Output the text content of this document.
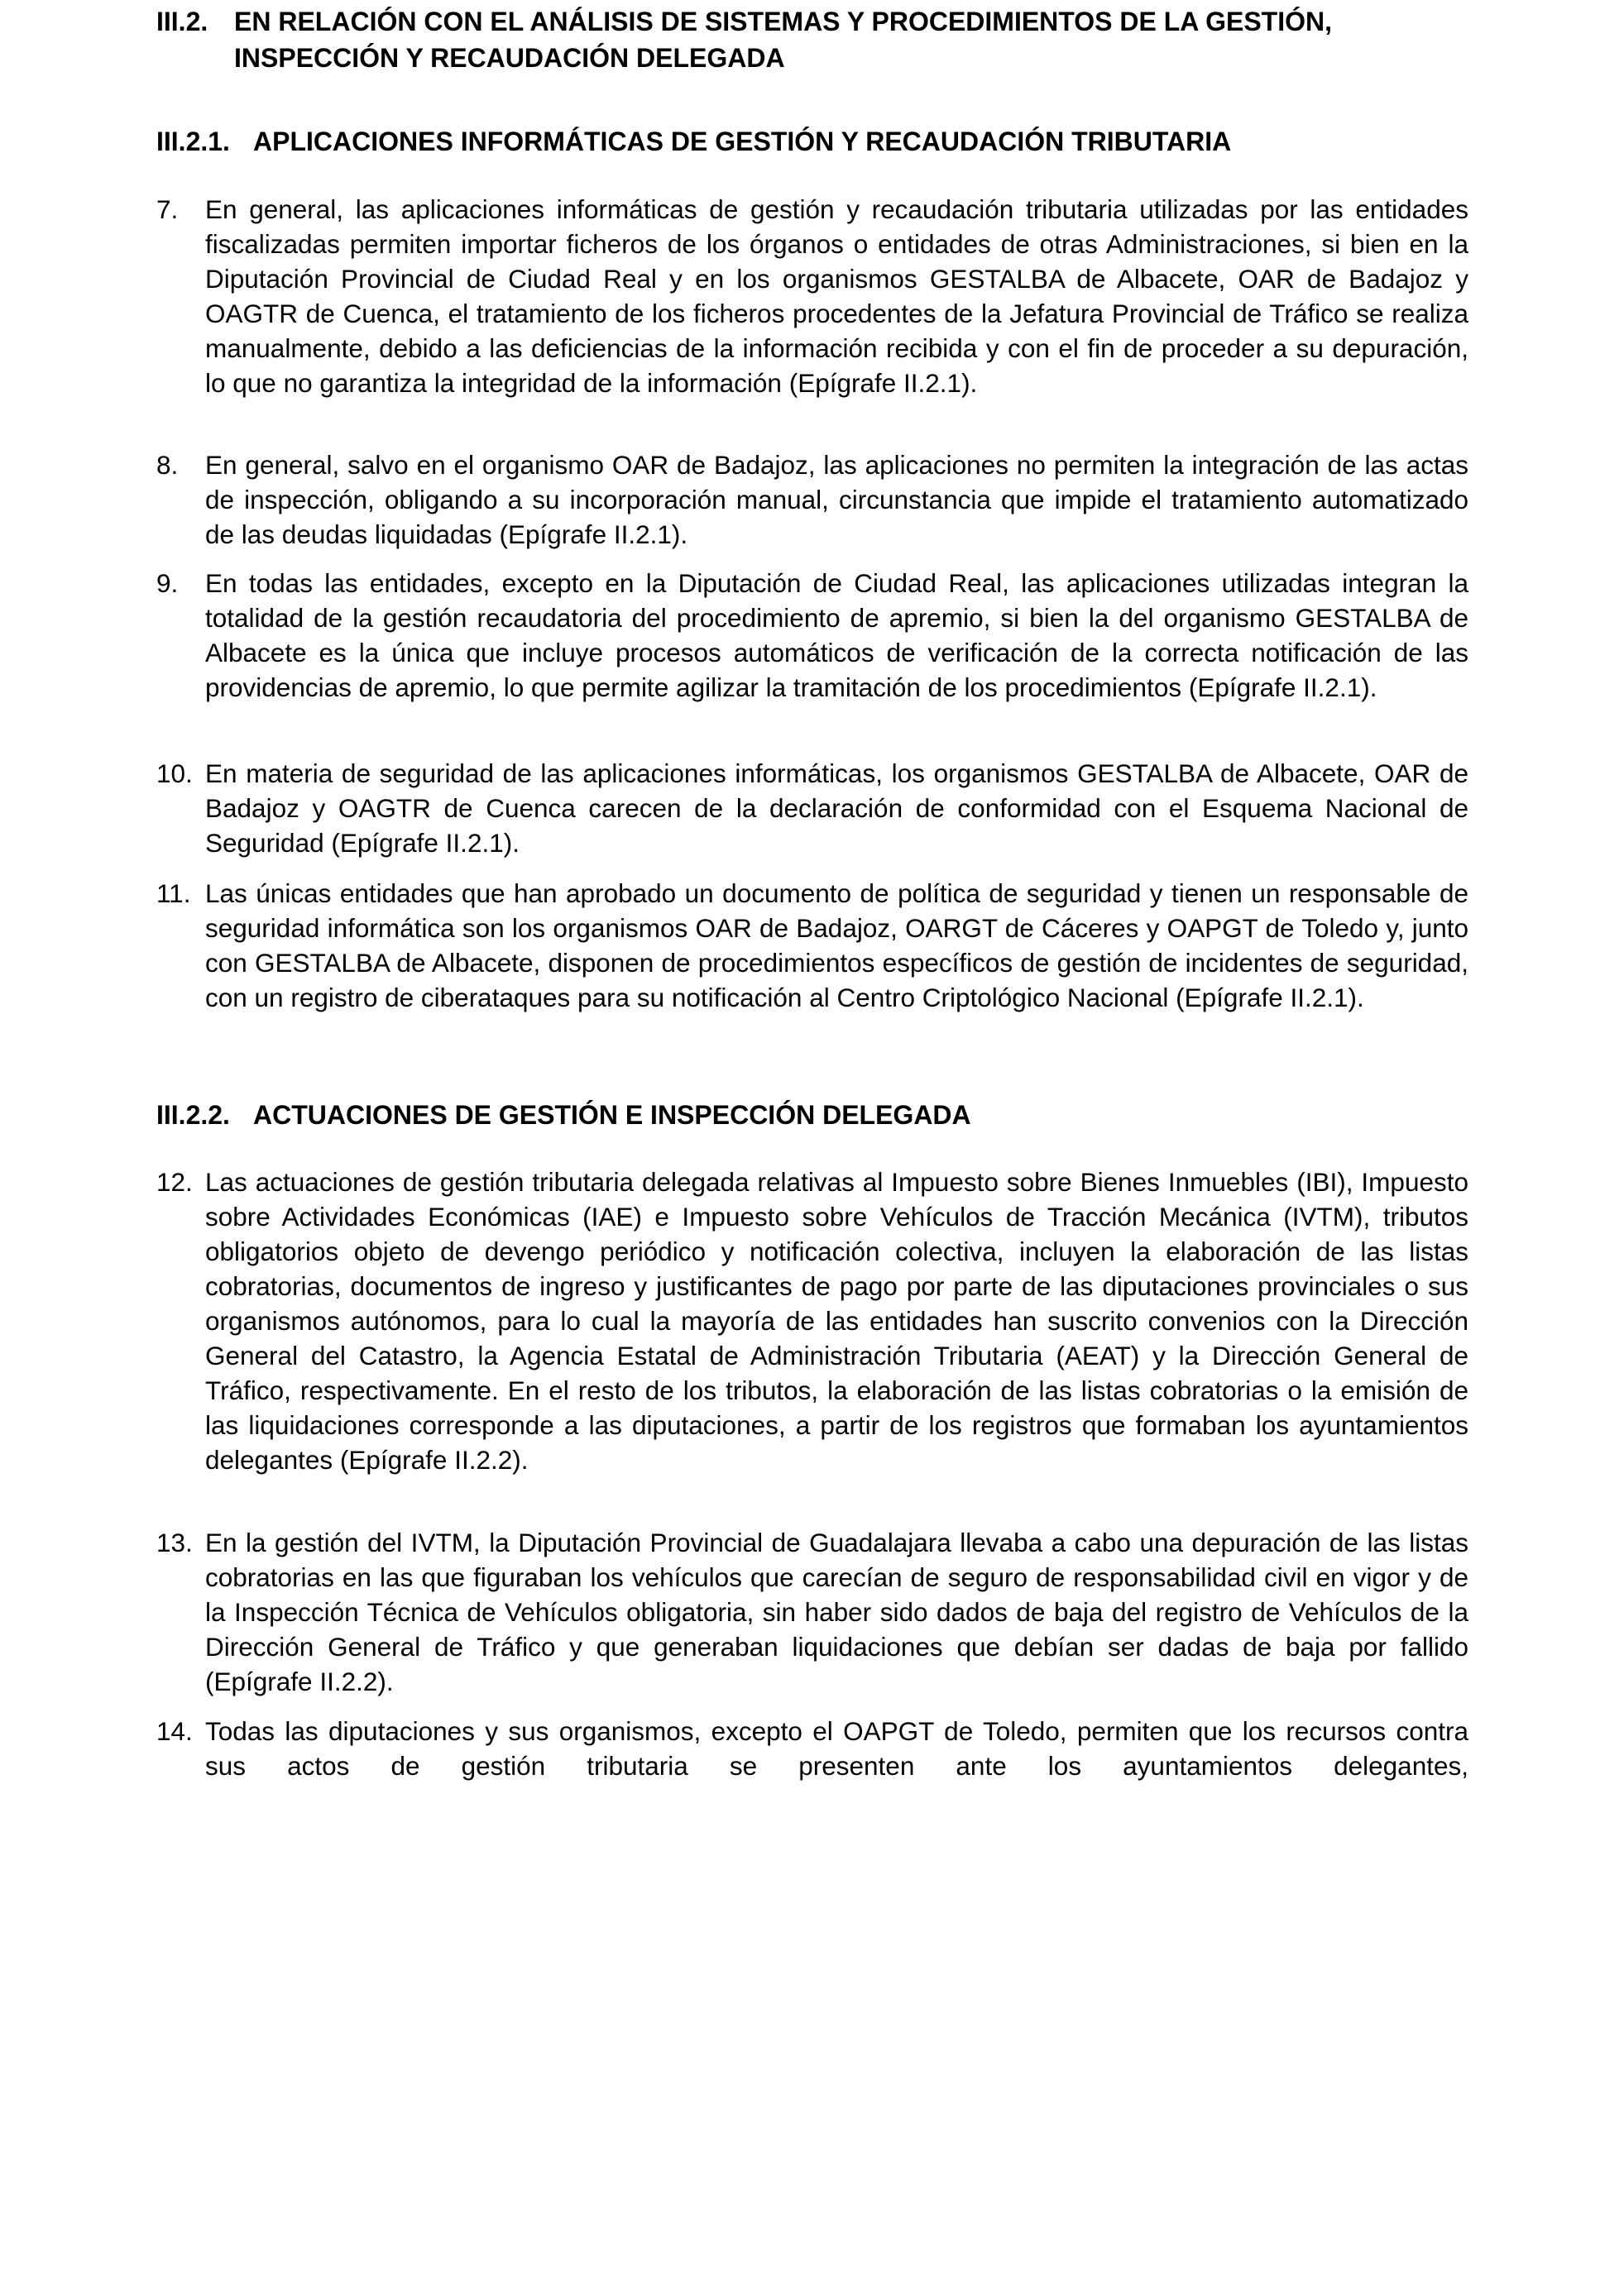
III.2. EN RELACIÓN CON EL ANÁLISIS DE SISTEMAS Y PROCEDIMIENTOS DE LA GESTIÓN, INSPECCIÓN Y RECAUDACIÓN DELEGADA
III.2.1. APLICACIONES INFORMÁTICAS DE GESTIÓN Y RECAUDACIÓN TRIBUTARIA
7.	En general, las aplicaciones informáticas de gestión y recaudación tributaria utilizadas por las entidades fiscalizadas permiten importar ficheros de los órganos o entidades de otras Administraciones, si bien en la Diputación Provincial de Ciudad Real y en los organismos GESTALBA de Albacete, OAR de Badajoz y OAGTR de Cuenca, el tratamiento de los ficheros procedentes de la Jefatura Provincial de Tráfico se realiza manualmente, debido a las deficiencias de la información recibida y con el fin de proceder a su depuración, lo que no garantiza la integridad de la información (Epígrafe II.2.1).
8.	En general, salvo en el organismo OAR de Badajoz, las aplicaciones no permiten la integración de las actas de inspección, obligando a su incorporación manual, circunstancia que impide el tratamiento automatizado de las deudas liquidadas (Epígrafe II.2.1).
9.	En todas las entidades, excepto en la Diputación de Ciudad Real, las aplicaciones utilizadas integran la totalidad de la gestión recaudatoria del procedimiento de apremio, si bien la del organismo GESTALBA de Albacete es la única que incluye procesos automáticos de verificación de la correcta notificación de las providencias de apremio, lo que permite agilizar la tramitación de los procedimientos (Epígrafe II.2.1).
10. En materia de seguridad de las aplicaciones informáticas, los organismos GESTALBA de Albacete, OAR de Badajoz y OAGTR de Cuenca carecen de la declaración de conformidad con el Esquema Nacional de Seguridad (Epígrafe II.2.1).
11. Las únicas entidades que han aprobado un documento de política de seguridad y tienen un responsable de seguridad informática son los organismos OAR de Badajoz, OARGT de Cáceres y OAPGT de Toledo y, junto con GESTALBA de Albacete, disponen de procedimientos específicos de gestión de incidentes de seguridad, con un registro de ciberataques para su notificación al Centro Criptológico Nacional (Epígrafe II.2.1).
III.2.2. ACTUACIONES DE GESTIÓN E INSPECCIÓN DELEGADA
12. Las actuaciones de gestión tributaria delegada relativas al Impuesto sobre Bienes Inmuebles (IBI), Impuesto sobre Actividades Económicas (IAE) e Impuesto sobre Vehículos de Tracción Mecánica (IVTM), tributos obligatorios objeto de devengo periódico y notificación colectiva, incluyen la elaboración de las listas cobratorias, documentos de ingreso y justificantes de pago por parte de las diputaciones provinciales o sus organismos autónomos, para lo cual la mayoría de las entidades han suscrito convenios con la Dirección General del Catastro, la Agencia Estatal de Administración Tributaria (AEAT) y la Dirección General de Tráfico, respectivamente. En el resto de los tributos, la elaboración de las listas cobratorias o la emisión de las liquidaciones corresponde a las diputaciones, a partir de los registros que formaban los ayuntamientos delegantes (Epígrafe II.2.2).
13. En la gestión del IVTM, la Diputación Provincial de Guadalajara llevaba a cabo una depuración de las listas cobratorias en las que figuraban los vehículos que carecían de seguro de responsabilidad civil en vigor y de la Inspección Técnica de Vehículos obligatoria, sin haber sido dados de baja del registro de Vehículos de la Dirección General de Tráfico y que generaban liquidaciones que debían ser dadas de baja por fallido (Epígrafe II.2.2).
14. Todas las diputaciones y sus organismos, excepto el OAPGT de Toledo, permiten que los recursos contra sus actos de gestión tributaria se presenten ante los ayuntamientos delegantes,
